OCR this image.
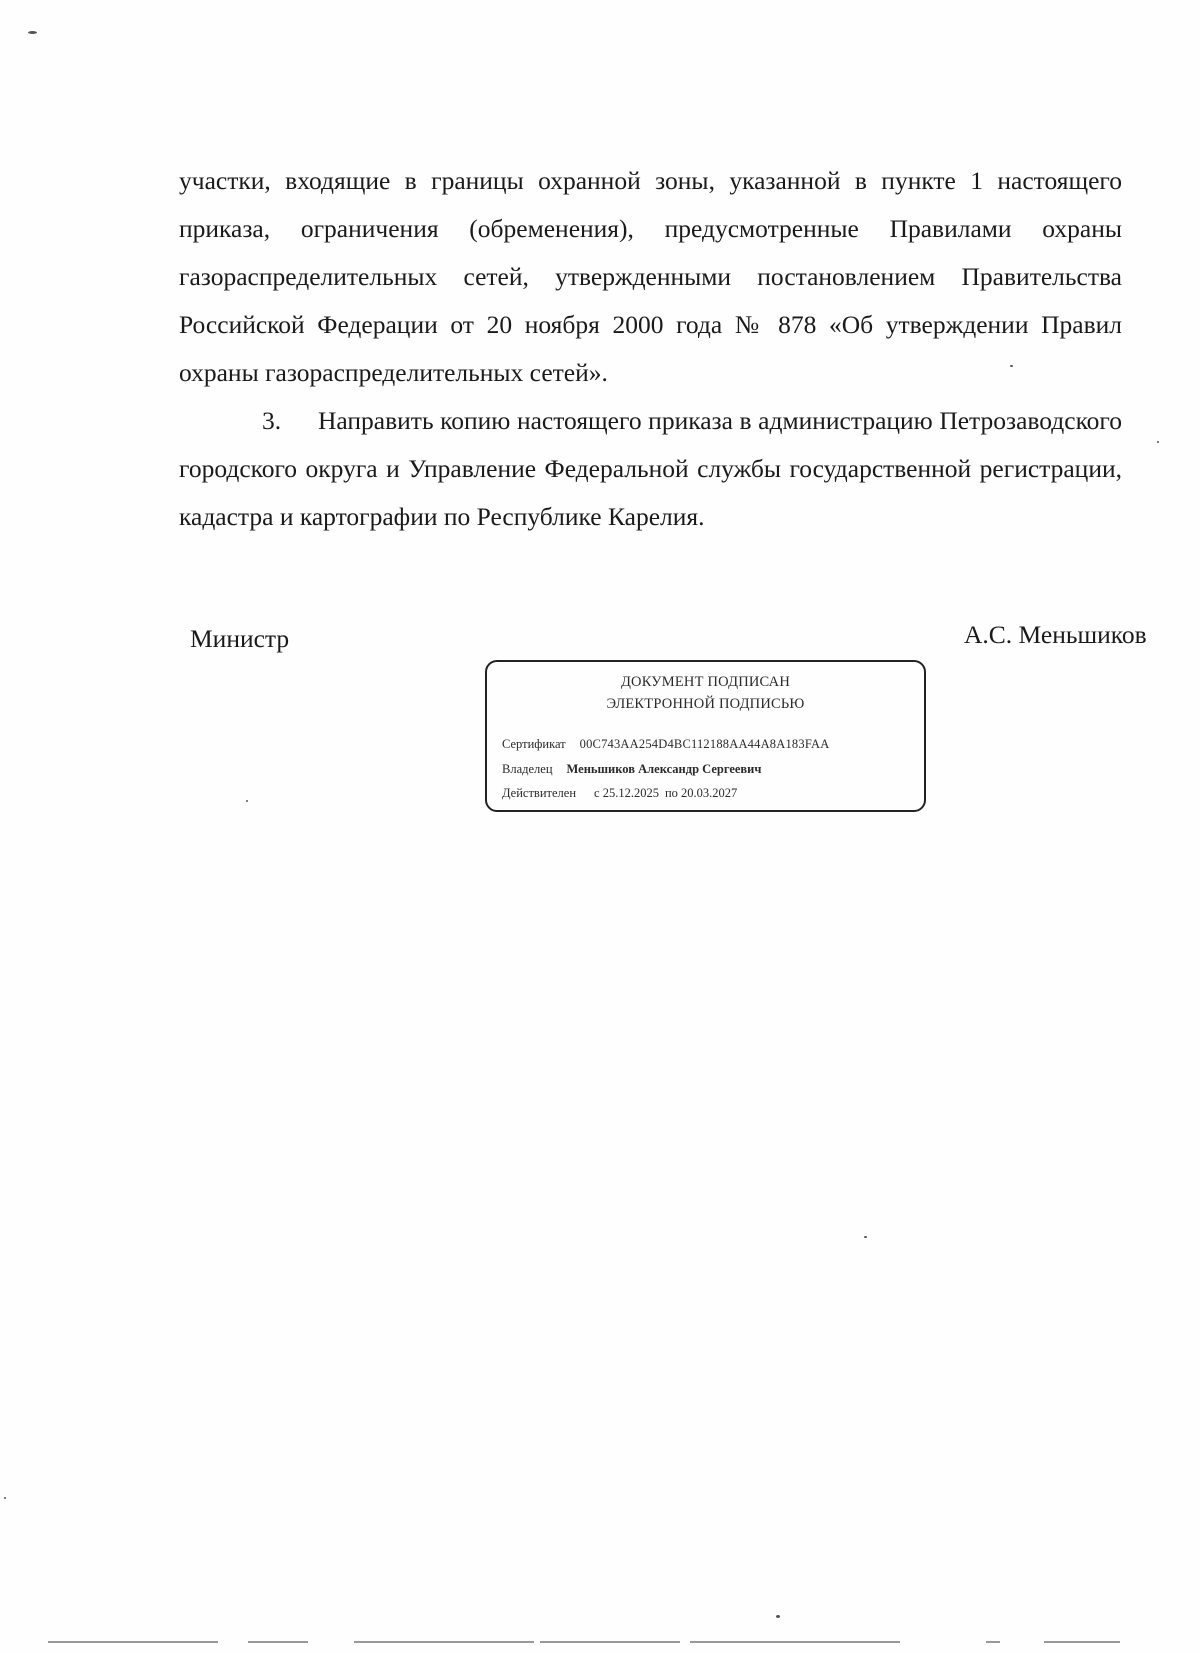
участки, входящие в границы охранной зоны, указанной в пункте 1 настоящего приказа, ограничения (обременения), предусмотренные Правилами охраны газораспределительных сетей, утвержденными постановлением Правительства Российской Федерации от 20 ноября 2000 года № 878 «Об утверждении Правил охраны газораспределительных сетей».

3. Направить копию настоящего приказа в администрацию Петрозаводского городского округа и Управление Федеральной службы государственной регистрации, кадастра и картографии по Республике Карелия.

Министр	А.С. Меньшиков
ДОКУМЕНТ ПОДПИСАН
ЭЛЕКТРОННОЙ ПОДПИСЬЮ
Сертификат 00C743AA254D4BC112188AA44A8A183FAA
Владелец Меньшиков Александр Сергеевич
Действителен с 25.12.2025 по 20.03.2027
